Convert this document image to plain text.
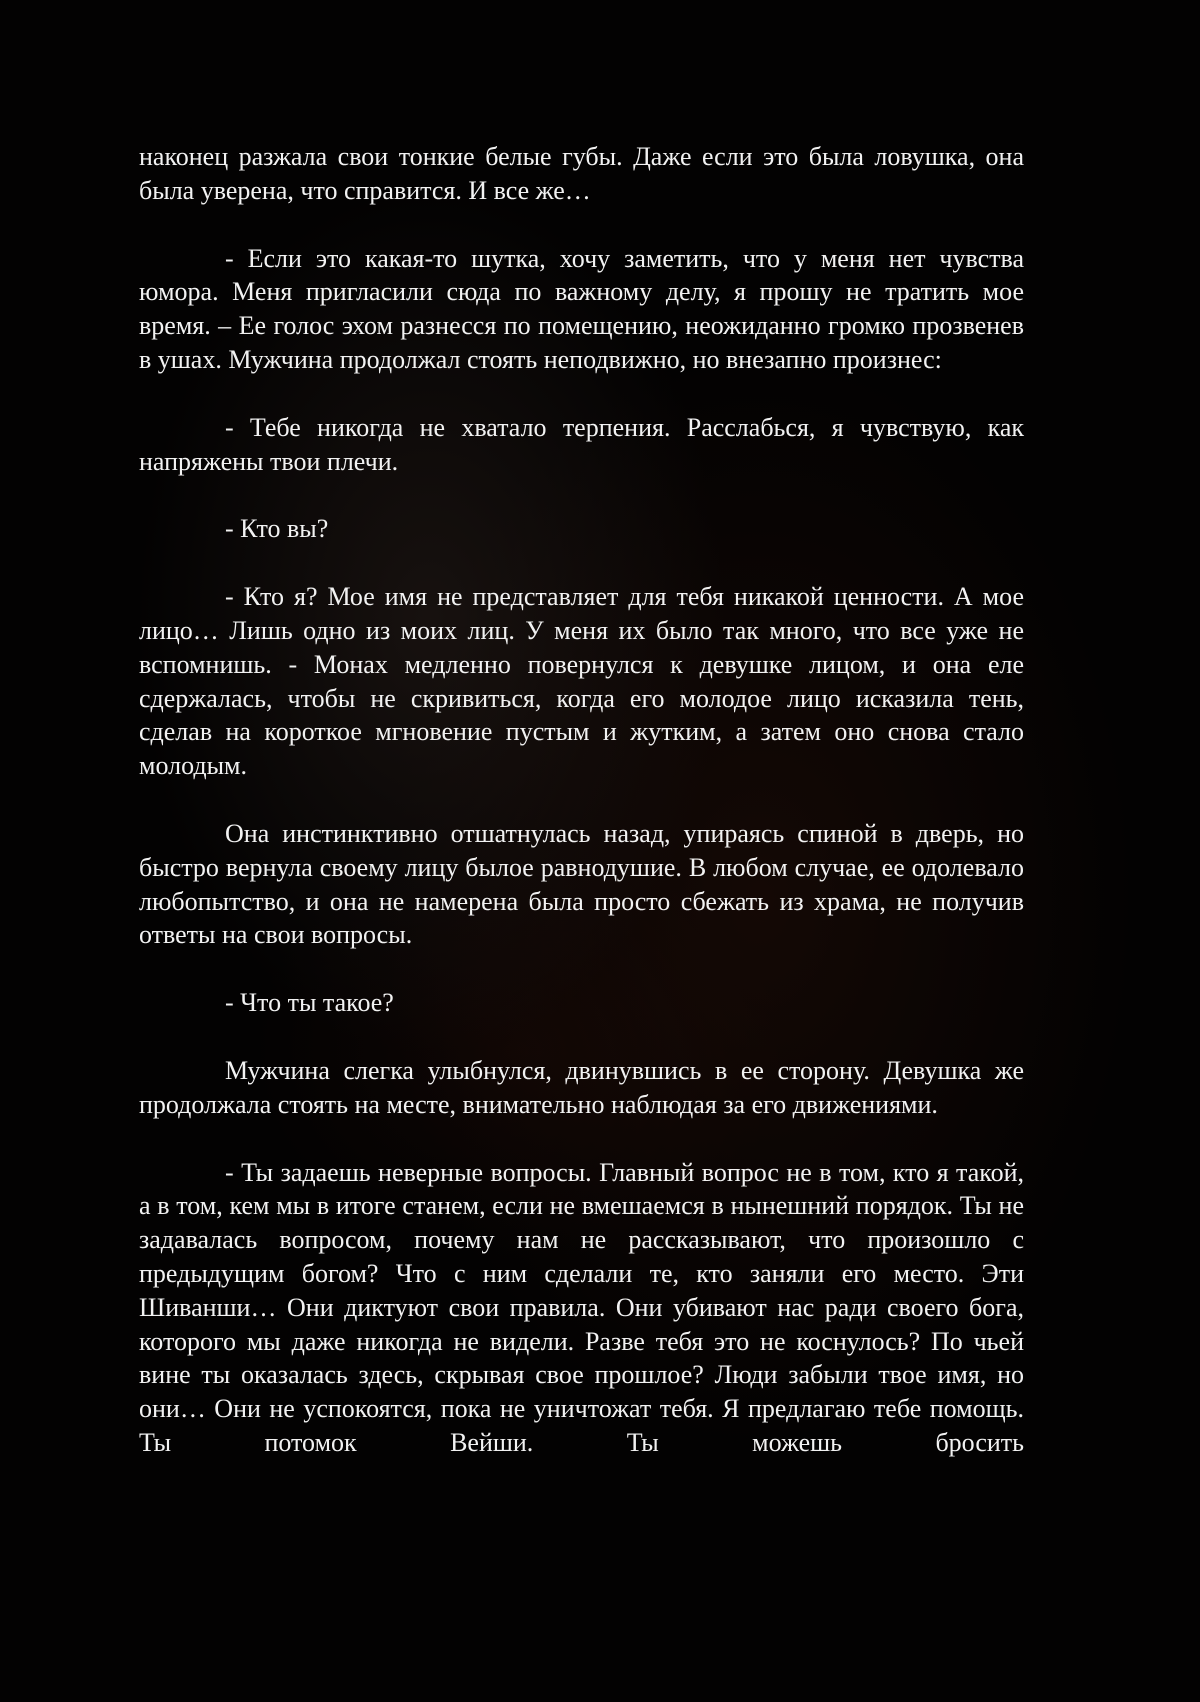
наконец разжала свои тонкие белые губы. Даже если это была ловушка, она была уверена, что справится. И все же…

- Если это какая-то шутка, хочу заметить, что у меня нет чувства юмора. Меня пригласили сюда по важному делу, я прошу не тратить мое время. – Ее голос эхом разнесся по помещению, неожиданно громко прозвенев в ушах. Мужчина продолжал стоять неподвижно, но внезапно произнес:

- Тебе никогда не хватало терпения. Расслабься, я чувствую, как напряжены твои плечи.

- Кто вы?

- Кто я? Мое имя не представляет для тебя никакой ценности. А мое лицо… Лишь одно из моих лиц. У меня их было так много, что все уже не вспомнишь. - Монах медленно повернулся к девушке лицом, и она еле сдержалась, чтобы не скривиться, когда его молодое лицо исказила тень, сделав на короткое мгновение пустым и жутким, а затем оно снова стало молодым.

Она инстинктивно отшатнулась назад, упираясь спиной в дверь, но быстро вернула своему лицу былое равнодушие. В любом случае, ее одолевало любопытство, и она не намерена была просто сбежать из храма, не получив ответы на свои вопросы.

- Что ты такое?

Мужчина слегка улыбнулся, двинувшись в ее сторону. Девушка же продолжала стоять на месте, внимательно наблюдая за его движениями.

- Ты задаешь неверные вопросы. Главный вопрос не в том, кто я такой, а в том, кем мы в итоге станем, если не вмешаемся в нынешний порядок. Ты не задавалась вопросом, почему нам не рассказывают, что произошло с предыдущим богом? Что с ним сделали те, кто заняли его место. Эти Шиванши… Они диктуют свои правила. Они убивают нас ради своего бога, которого мы даже никогда не видели. Разве тебя это не коснулось? По чьей вине ты оказалась здесь, скрывая свое прошлое? Люди забыли твое имя, но они… Они не успокоятся, пока не уничтожат тебя. Я предлагаю тебе помощь. Ты потомок Вейши. Ты можешь бросить
